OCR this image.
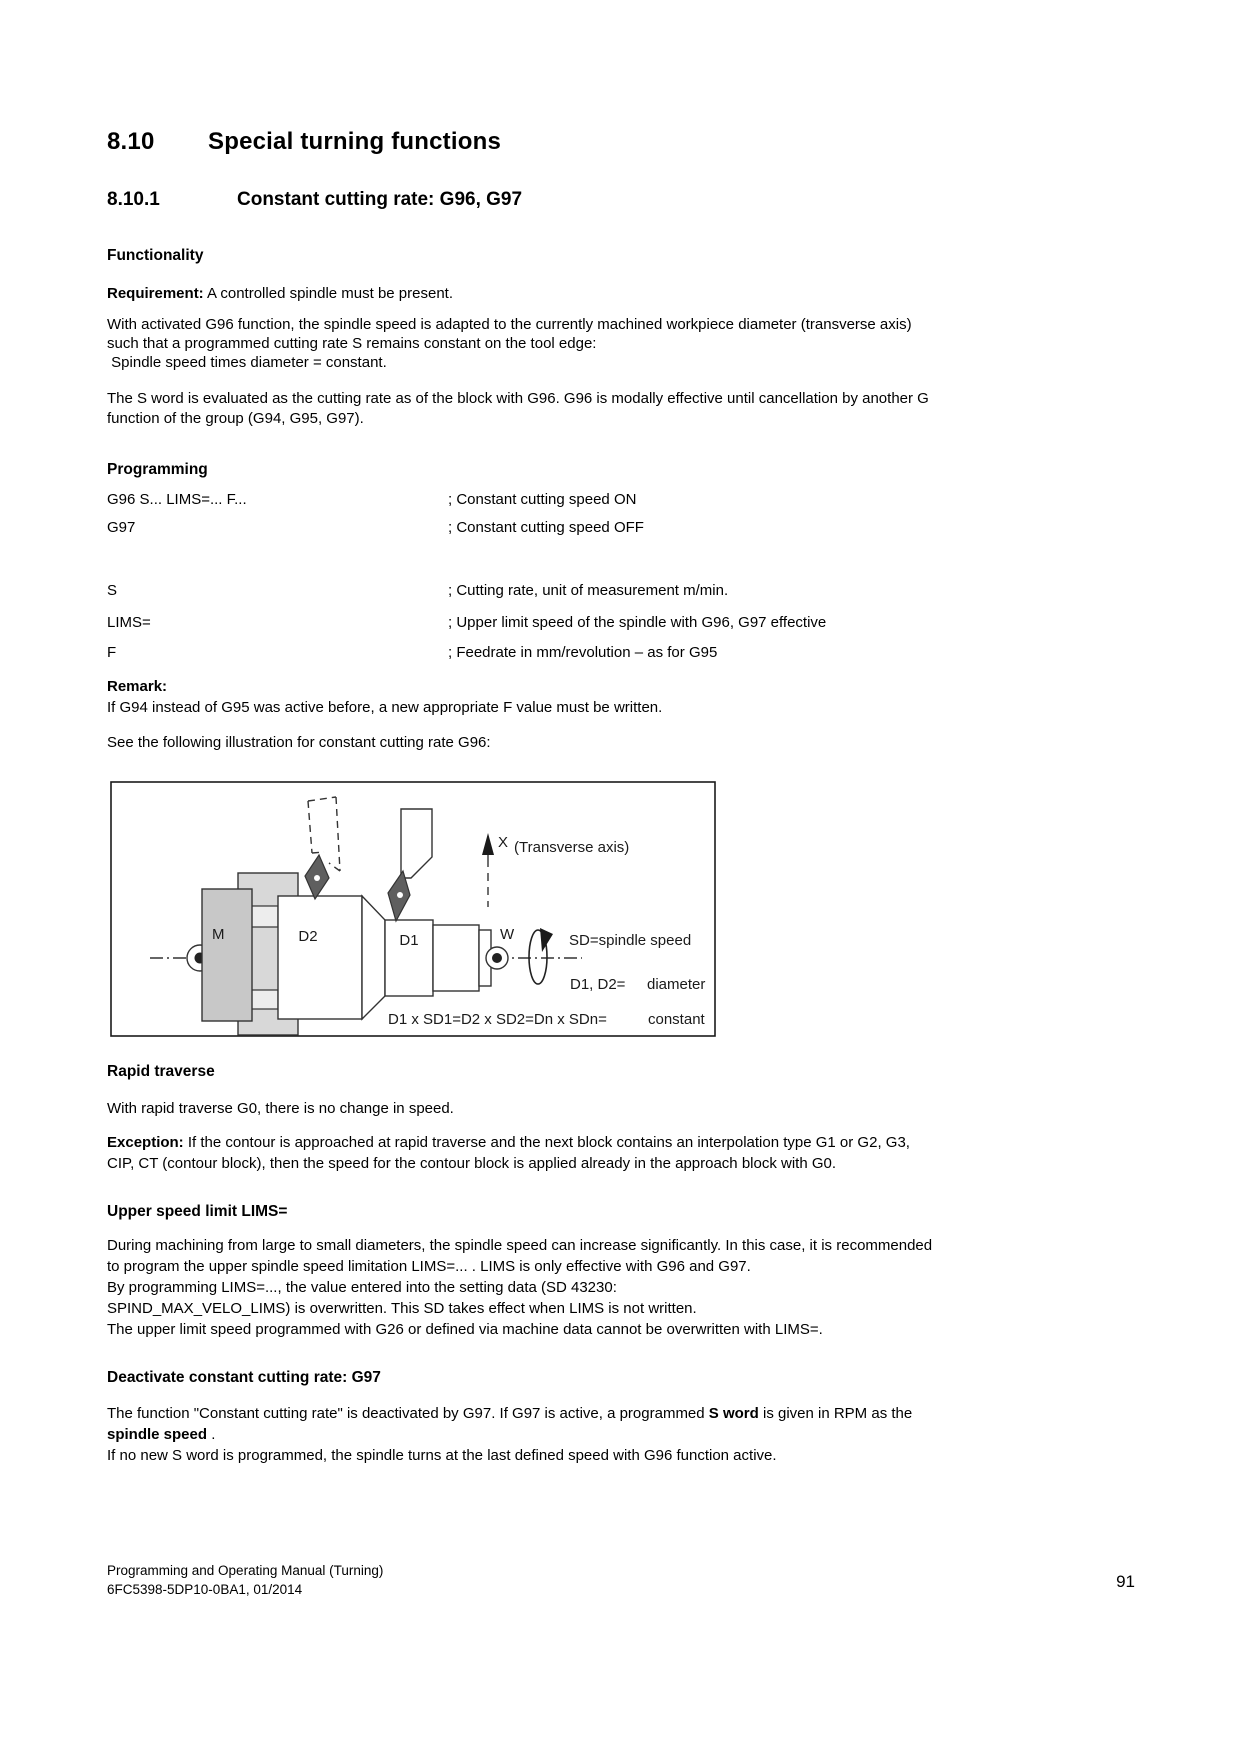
8.10 Special turning functions
8.10.1	Constant cutting rate: G96, G97
Functionality
Requirement: A controlled spindle must be present.
With activated G96 function, the spindle speed is adapted to the currently machined workpiece diameter (transverse axis)
such that a programmed cutting rate S remains constant on the tool edge:
Spindle speed times diameter = constant.
The S word is evaluated as the cutting rate as of the block with G96. G96 is modally effective until cancellation by another G
function of the group (G94, G95, G97).
Programming
G96 S... LIMS=... F...	; Constant cutting speed ON
G97	; Constant cutting speed OFF
S	; Cutting rate, unit of measurement m/min.
LIMS=	; Upper limit speed of the spindle with G96, G97 effective
F	; Feedrate in mm/revolution – as for G95
Remark:
If G94 instead of G95 was active before, a new appropriate F value must be written.
See the following illustration for constant cutting rate G96:
M	D2	D1
X (Transverse axis)
W	SD=spindle speed
D1, D2= diameter
D1 x SD1=D2 x SD2=Dn x SDn=	constant
Rapid traverse
With rapid traverse G0, there is no change in speed.
Exception: If the contour is approached at rapid traverse and the next block contains an interpolation type G1 or G2, G3,
CIP, CT (contour block), then the speed for the contour block is applied already in the approach block with G0.
Upper speed limit LIMS=
During machining from large to small diameters, the spindle speed can increase significantly. In this case, it is recommended
to program the upper spindle speed limitation LIMS=... . LIMS is only effective with G96 and G97.
By programming LIMS=..., the value entered into the setting data (SD 43230:
SPIND_MAX_VELO_LIMS) is overwritten. This SD takes effect when LIMS is not written.
The upper limit speed programmed with G26 or defined via machine data cannot be overwritten with LIMS=.
Deactivate constant cutting rate: G97
The function "Constant cutting rate" is deactivated by G97. If G97 is active, a programmed S word is given in RPM as the
spindle speed .
If no new S word is programmed, the spindle turns at the last defined speed with G96 function active.
Programming and Operating Manual (Turning)
6FC5398-5DP10-0BA1, 01/2014	91
